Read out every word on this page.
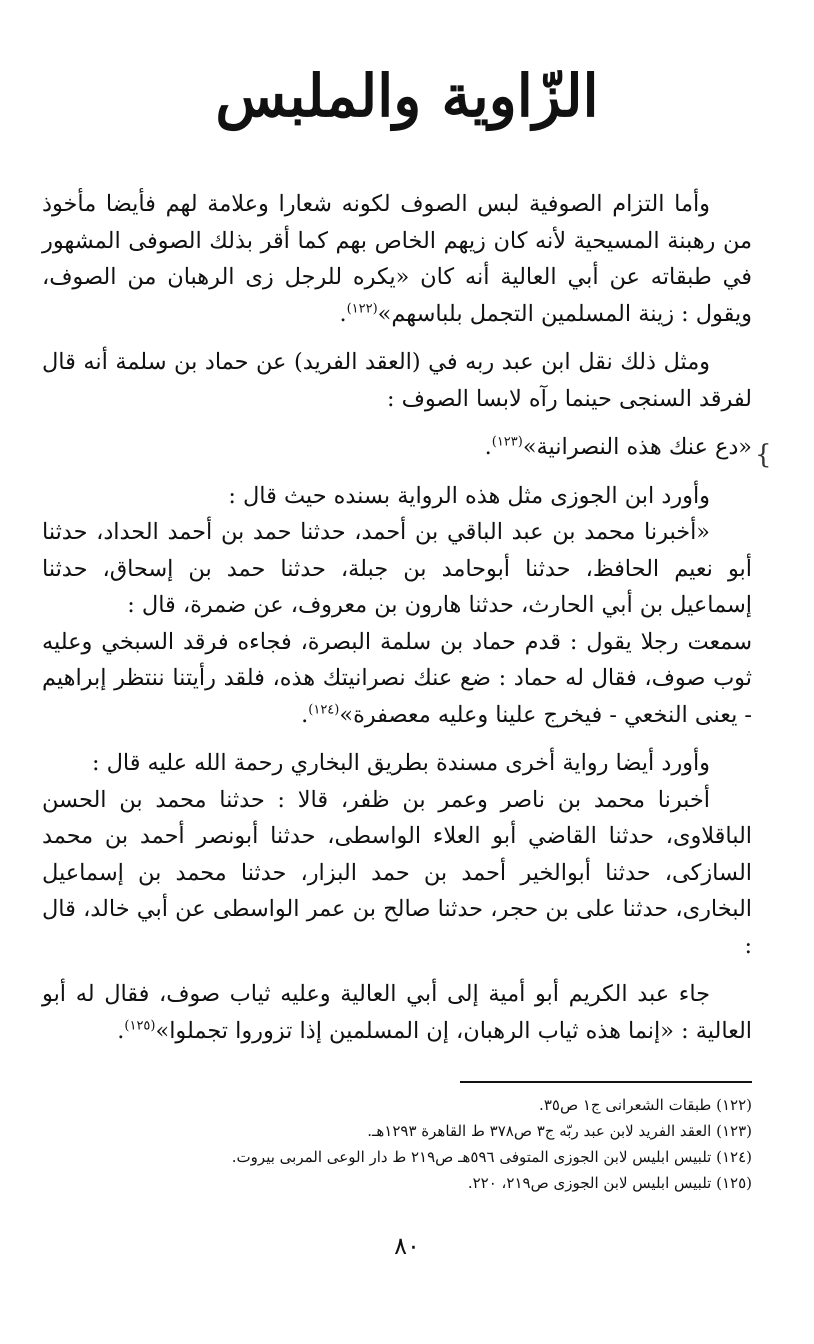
الزّاوية والملبس
{

وأما التزام الصوفية لبس الصوف لكونه شعارا وعلامة لهم فأيضا مأخوذ من رهبنة المسيحية لأنه كان زيهم الخاص بهم كما أقر بذلك الصوفى المشهور في طبقاته عن أبي العالية أنه كان «يكره للرجل زى الرهبان من الصوف، ويقول : زينة المسلمين التجمل بلباسهم»$^{(١٢٢)}$.

ومثل ذلك نقل ابن عبد ربه في (العقد الفريد) عن حماد بن سلمة أنه قال لفرقد السنجى حينما رآه لابسا الصوف :

«دع عنك هذه النصرانية»$^{(١٢٣)}$.

وأورد ابن الجوزى مثل هذه الرواية بسنده حيث قال :

«أخبرنا محمد بن عبد الباقي بن أحمد، حدثنا حمد بن أحمد الحداد، حدثنا أبو نعيم الحافظ، حدثنا أبوحامد بن جبلة، حدثنا حمد بن إسحاق، حدثنا إسماعيل بن أبي الحارث، حدثنا هارون بن معروف، عن ضمرة، قال :

سمعت رجلا يقول : قدم حماد بن سلمة البصرة، فجاءه فرقد السبخي وعليه ثوب صوف، فقال له حماد : ضع عنك نصرانيتك هذه، فلقد رأيتنا ننتظر إبراهيم - يعنى النخعي - فيخرج علينا وعليه معصفرة»$^{(١٢٤)}$.

وأورد أيضا رواية أخرى مسندة بطريق البخاري رحمة الله عليه قال :

أخبرنا محمد بن ناصر وعمر بن ظفر، قالا : حدثنا محمد بن الحسن الباقلاوى، حدثنا القاضي أبو العلاء الواسطى، حدثنا أبونصر أحمد بن محمد السازكى، حدثنا أبوالخير أحمد بن حمد البزار، حدثنا محمد بن إسماعيل البخارى، حدثنا على بن حجر، حدثنا صالح بن عمر الواسطى عن أبي خالد، قال :

جاء عبد الكريم أبو أمية إلى أبي العالية وعليه ثياب صوف، فقال له أبو العالية : «إنما هذه ثياب الرهبان، إن المسلمين إذا تزوروا تجملوا»$^{(١٢٥)}$.

(١٢٢) طبقات الشعرانى ج١ ص٣٥.

(١٢٣) العقد الفريد لابن عبد ربّه ج٣ ص٣٧٨ ط القاهرة ١٢٩٣هـ.

(١٢٤) تلبيس ابليس لابن الجوزى المتوفى ٥٩٦هـ ص٢١٩ ط دار الوعى المربى بيروت.

(١٢٥) تلبيس ابليس لابن الجوزى ص٢١٩، ٢٢٠.

٨٠
